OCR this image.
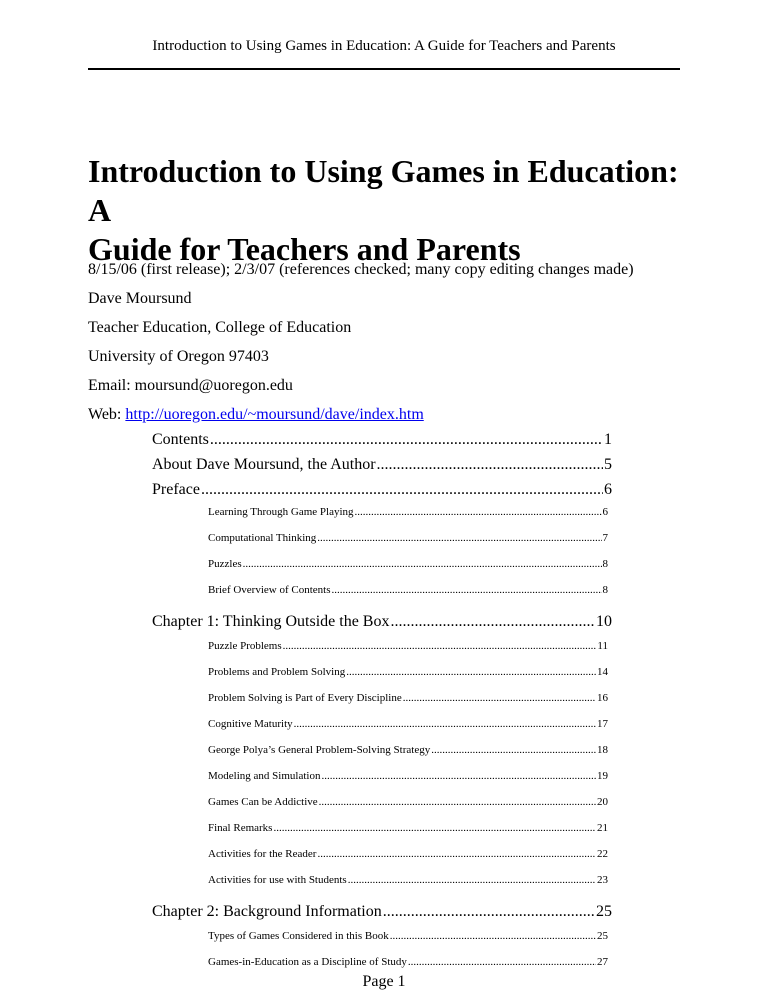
Introduction to Using Games in Education: A Guide for Teachers and Parents
Introduction to Using Games in Education: A
Guide for Teachers and Parents
8/15/06 (first release); 2/3/07 (references checked; many copy editing changes made)
Dave Moursund
Teacher Education, College of Education
University of Oregon 97403
Email: moursund@uoregon.edu
Web: http://uoregon.edu/~moursund/dave/index.htm
Contents .....	1
About Dave Moursund, the Author .....	5
Preface .....	6
Learning Through Game Playing .....	6
Computational Thinking .....	7
Puzzles .....	8
Brief Overview of Contents .....	8
Chapter 1: Thinking Outside the Box .....	10
Puzzle Problems .....	11
Problems and Problem Solving .....	14
Problem Solving is Part of Every Discipline .....	16
Cognitive Maturity .....	17
George Polya’s General Problem-Solving Strategy .....	18
Modeling and Simulation .....	19
Games Can be Addictive .....	20
Final Remarks .....	21
Activities for the Reader .....	22
Activities for use with Students .....	23
Chapter 2: Background Information .....	25
Types of Games Considered in this Book .....	25
Games-in-Education as a Discipline of Study .....	27
Page 1
